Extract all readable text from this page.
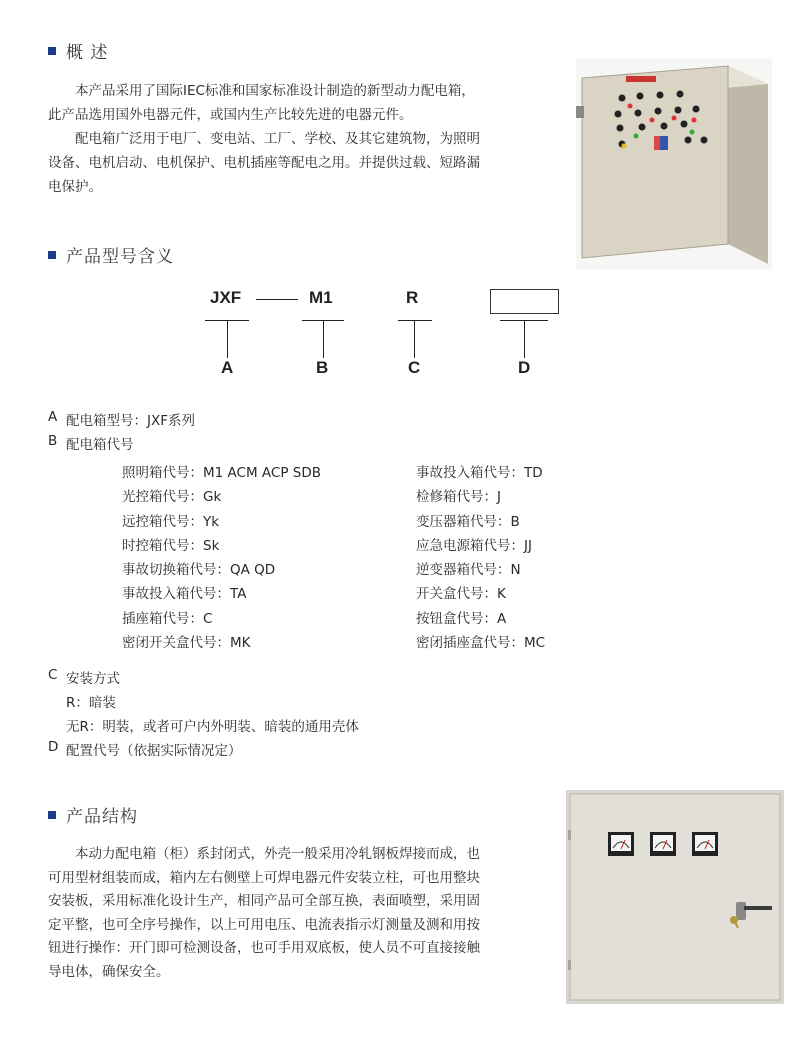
概 述

本产品采用了国际IEC标准和国家标准设计制造的新型动力配电箱，

此产品选用国外电器元件，或国内生产比较先进的电器元件。

配电箱广泛用于电厂、变电站、工厂、学校、及其它建筑物，为照明

设备、电机启动、电机保护、电机插座等配电之用。并提供过载、短路漏

电保护。

产品型号含义
JXF	M1	R
A	B	C	D
A 配电箱型号：JXF系列
B 配电箱代号
照明箱代号：M1 ACM ACP SDB
光控箱代号：Gk
远控箱代号：Yk
时控箱代号：Sk
事故切换箱代号：QA QD
事故投入箱代号：TA
插座箱代号：C
密闭开关盒代号：MK
事故投入箱代号：TD
检修箱代号：J
变压器箱代号：B
应急电源箱代号：JJ
逆变器箱代号：N
开关盒代号：K
按钮盒代号：A
密闭插座盒代号：MC
C 安装方式
R：暗装
无R：明装，或者可户内外明装、暗装的通用壳体
D 配置代号（依据实际情况定）
产品结构

本动力配电箱（柜）系封闭式，外壳一般采用冷轧钢板焊接而成，也

可用型材组装而成，箱内左右侧壁上可焊电器元件安装立柱，可也用整块

安装板，采用标准化设计生产，相同产品可全部互换，表面喷塑，采用固

定平整，也可全序号操作，以上可用电压、电流表指示灯测量及测和用按

钮进行操作：开门即可检测设备，也可手用双底板，使人员不可直接接触

导电体，确保安全。
